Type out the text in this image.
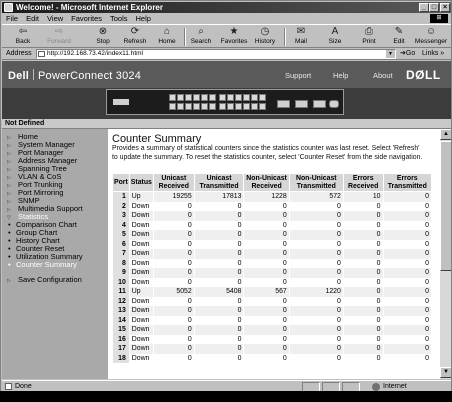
Welcome! - Microsoft Internet Explorer	_ □ ×
File Edit View Favorites Tools Help	⊞
⇦
Back
⇨
Forward
⊗
Stop
⟳
Refresh
⌂
Home
⌕
Search
★
Favorites
◷
History
✉
Mail
A
Size
⎙
Print
✎
Edit
☺
Messenger
Address	http://192.168.73.42/index11.html	▼ ➔Go Links »
Dell PowerConnect 3024	Support	Help	About DØLL
Not Defined
▷ Home
▷ System Manager
▷ Port Manager
▷ Address Manager
▷ Spanning Tree
▷ VLAN & CoS
▷ Port Trunking
▷ Port Mirroring
▷ SNMP
▷ Multimedia Support
▽ Statistics
• Comparison Chart
• Group Chart
• History Chart
• Counter Reset
• Utilization Summary
• Counter Summary
▷ Save Configuration
Counter Summary
Provides a summary of statistical counters since the statistics counter was last reset. Select 'Refresh'
to update the summary. To reset the statistics counter, select 'Counter Reset' from the side navigation.
Port	Status	Unicast Received	Unicast Transmitted	Non-Unicast Received	Non-Unicast Transmitted	Errors Received	Errors Transmitted
1	Up	19255	17813	1228	572	10	0
2	Down	0	0	0	0	0	0
3	Down	0	0	0	0	0	0
4	Down	0	0	0	0	0	0
5	Down	0	0	0	0	0	0
6	Down	0	0	0	0	0	0
7	Down	0	0	0	0	0	0
8	Down	0	0	0	0	0	0
9	Down	0	0	0	0	0	0
10	Down	0	0	0	0	0	0
11	Up	5052	5408	567	1220	0	0
12	Down	0	0	0	0	0	0
13	Down	0	0	0	0	0	0
14	Down	0	0	0	0	0	0
15	Down	0	0	0	0	0	0
16	Down	0	0	0	0	0	0
17	Down	0	0	0	0	0	0
18	Down	0	0	0	0	0	0
▲
▼
Done	Internet
